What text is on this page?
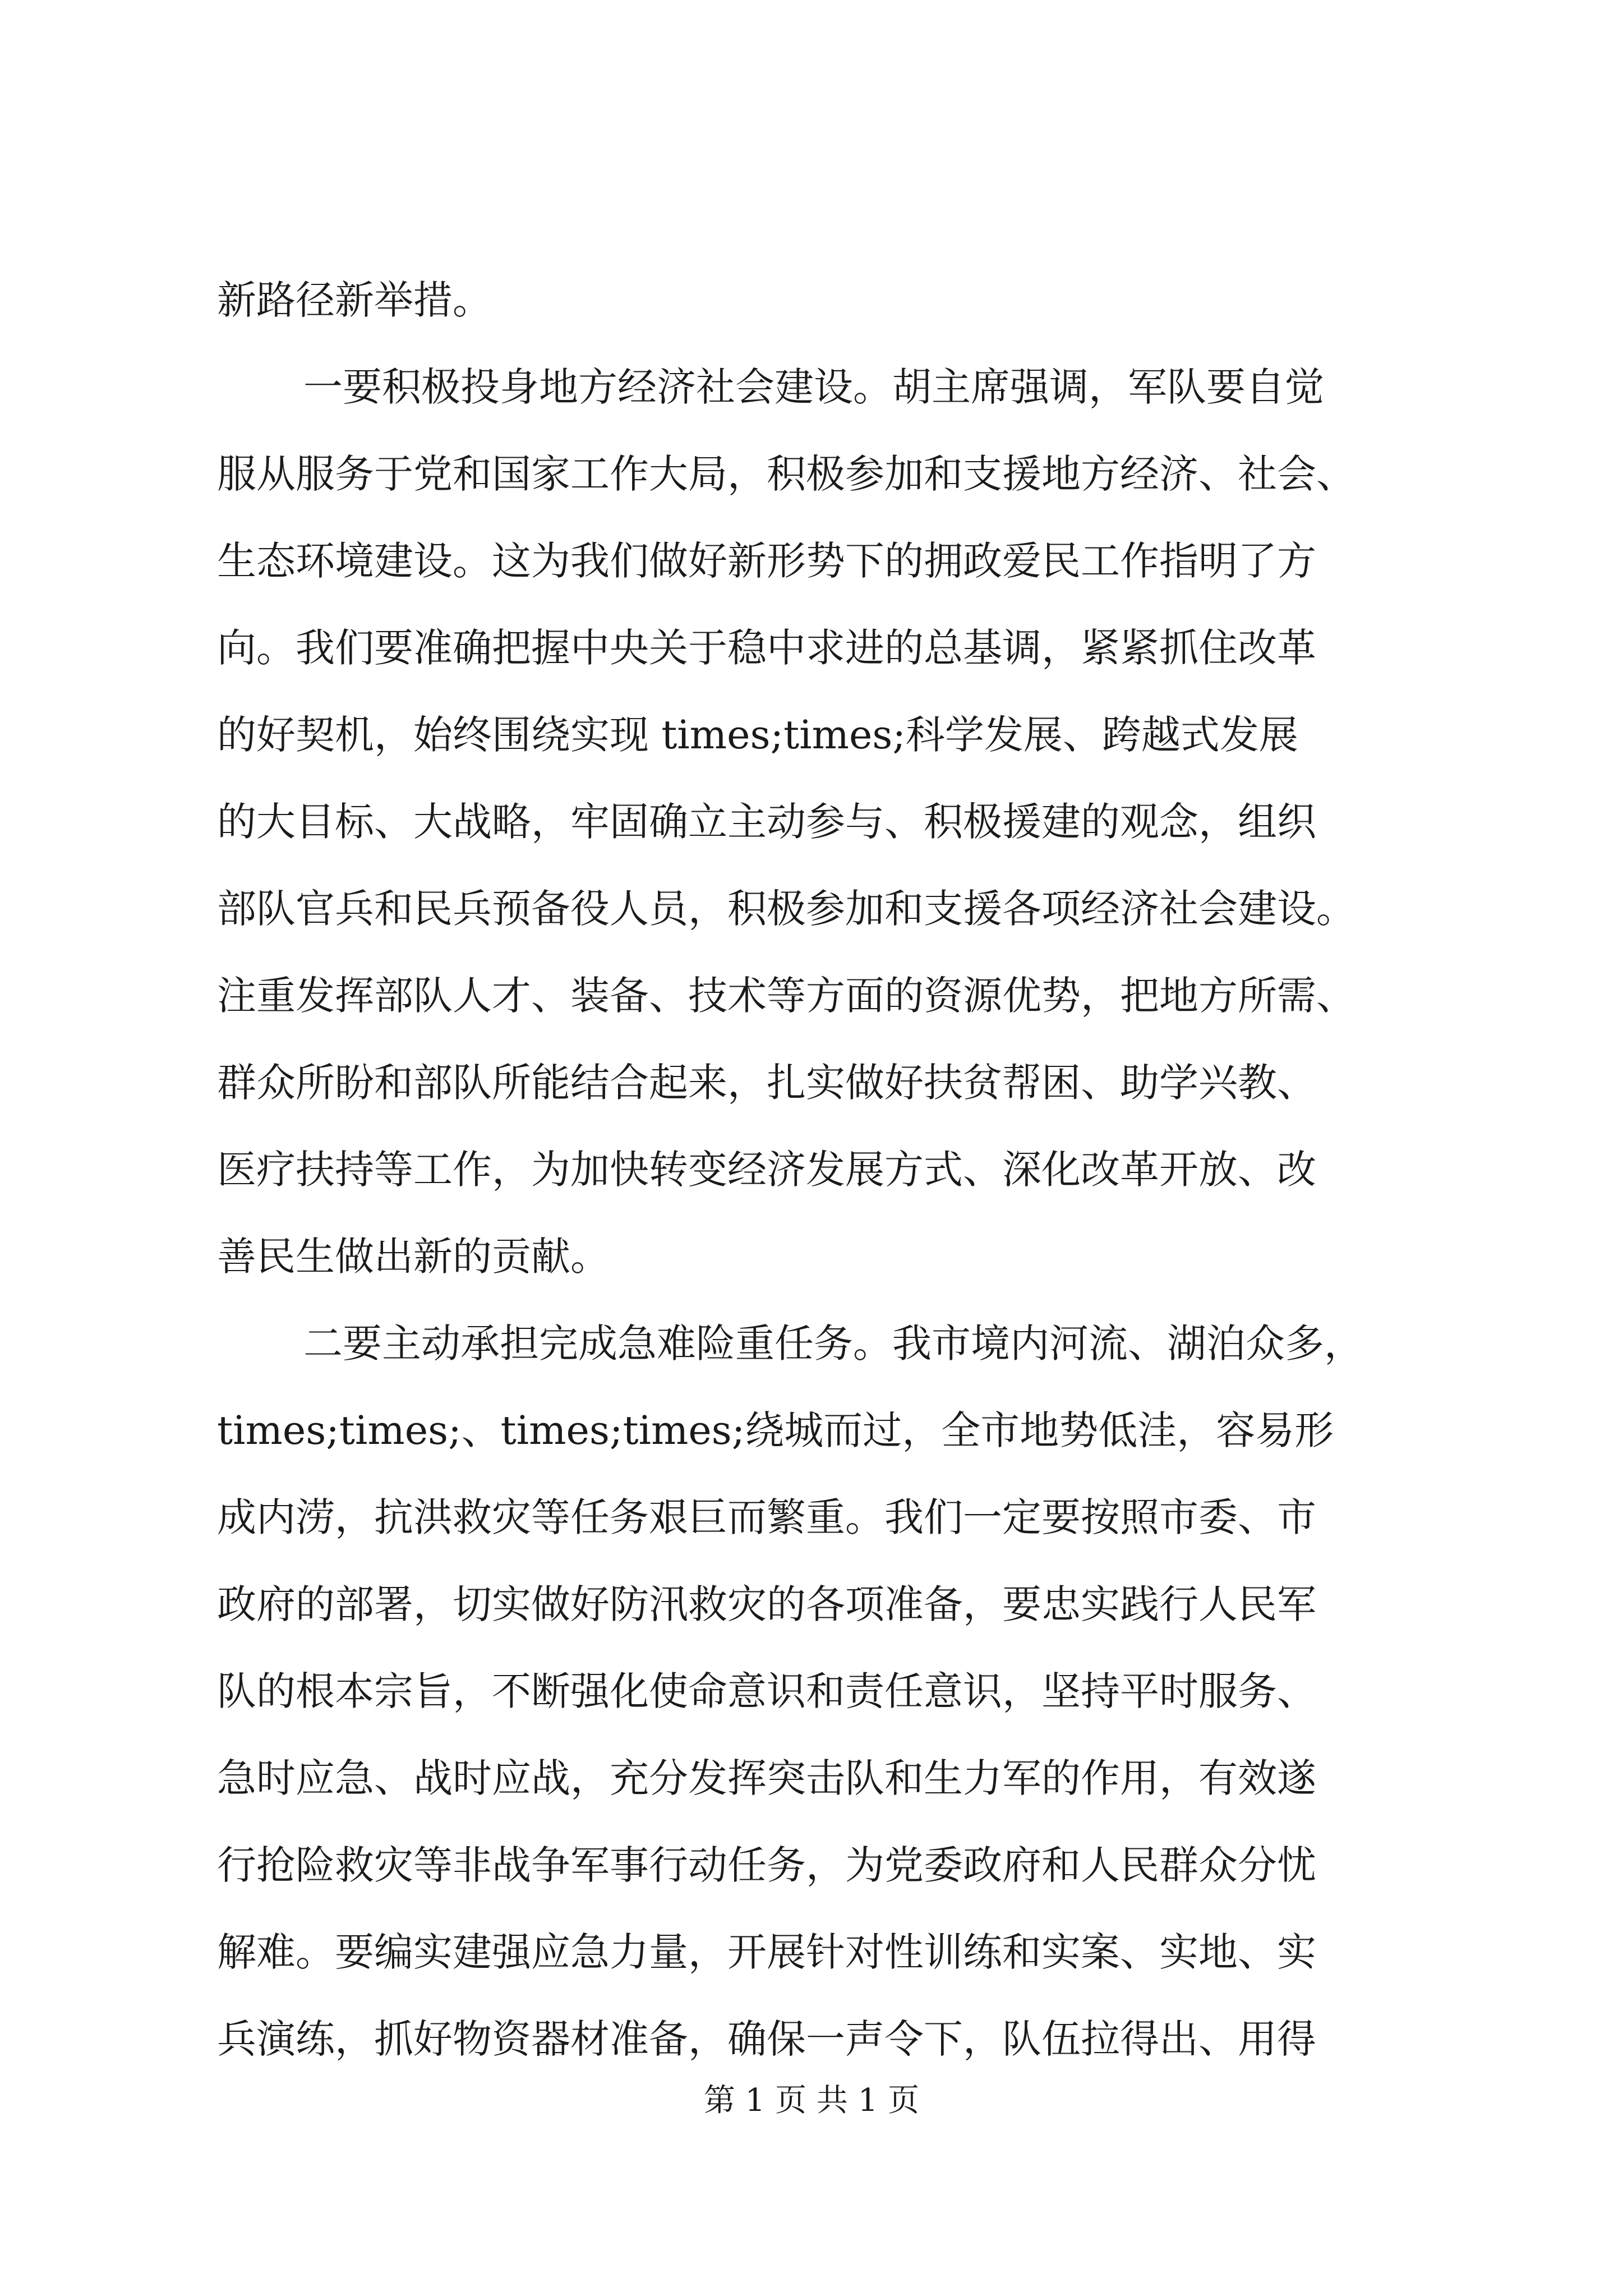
新路径新举措。
一要积极投身地方经济社会建设。胡主席强调，军队要自觉
服从服务于党和国家工作大局，积极参加和支援地方经济、社会、
生态环境建设。这为我们做好新形势下的拥政爱民工作指明了方
向。我们要准确把握中央关于稳中求进的总基调，紧紧抓住改革
的好契机，始终围绕实现 times;times;科学发展、跨越式发展
的大目标、大战略，牢固确立主动参与、积极援建的观念，组织
部队官兵和民兵预备役人员，积极参加和支援各项经济社会建设。
注重发挥部队人才、装备、技术等方面的资源优势，把地方所需、
群众所盼和部队所能结合起来，扎实做好扶贫帮困、助学兴教、
医疗扶持等工作，为加快转变经济发展方式、深化改革开放、改
善民生做出新的贡献。
二要主动承担完成急难险重任务。我市境内河流、湖泊众多，
times;times;、times;times;绕城而过，全市地势低洼，容易形
成内涝，抗洪救灾等任务艰巨而繁重。我们一定要按照市委、市
政府的部署，切实做好防汛救灾的各项准备，要忠实践行人民军
队的根本宗旨，不断强化使命意识和责任意识，坚持平时服务、
急时应急、战时应战，充分发挥突击队和生力军的作用，有效遂
行抢险救灾等非战争军事行动任务，为党委政府和人民群众分忧
解难。要编实建强应急力量，开展针对性训练和实案、实地、实
兵演练，抓好物资器材准备，确保一声令下，队伍拉得出、用得
第 1 页 共 1 页
